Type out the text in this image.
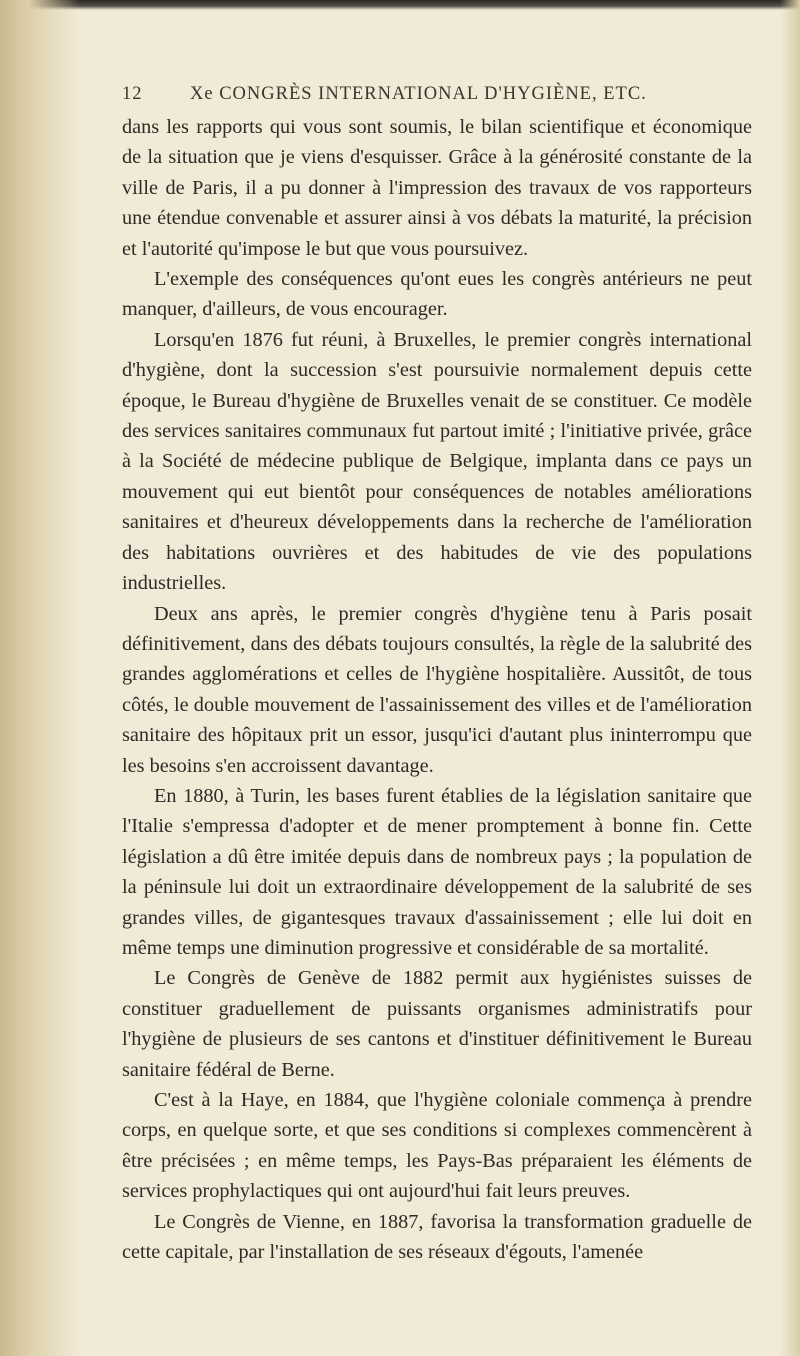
12	Xe CONGRÈS INTERNATIONAL D'HYGIÈNE, ETC.

dans les rapports qui vous sont soumis, le bilan scientifique et économique de la situation que je viens d'esquisser. Grâce à la générosité constante de la ville de Paris, il a pu donner à l'impression des travaux de vos rapporteurs une étendue convenable et assurer ainsi à vos débats la maturité, la précision et l'autorité qu'impose le but que vous poursuivez.

L'exemple des conséquences qu'ont eues les congrès antérieurs ne peut manquer, d'ailleurs, de vous encourager.

Lorsqu'en 1876 fut réuni, à Bruxelles, le premier congrès international d'hygiène, dont la succession s'est poursuivie normalement depuis cette époque, le Bureau d'hygiène de Bruxelles venait de se constituer. Ce modèle des services sanitaires communaux fut partout imité ; l'initiative privée, grâce à la Société de médecine publique de Belgique, implanta dans ce pays un mouvement qui eut bientôt pour conséquences de notables améliorations sanitaires et d'heureux développements dans la recherche de l'amélioration des habitations ouvrières et des habitudes de vie des populations industrielles.

Deux ans après, le premier congrès d'hygiène tenu à Paris posait définitivement, dans des débats toujours consultés, la règle de la salubrité des grandes agglomérations et celles de l'hygiène hospitalière. Aussitôt, de tous côtés, le double mouvement de l'assainissement des villes et de l'amélioration sanitaire des hôpitaux prit un essor, jusqu'ici d'autant plus ininterrompu que les besoins s'en accroissent davantage.

En 1880, à Turin, les bases furent établies de la législation sanitaire que l'Italie s'empressa d'adopter et de mener promptement à bonne fin. Cette législation a dû être imitée depuis dans de nombreux pays ; la population de la péninsule lui doit un extraordinaire développement de la salubrité de ses grandes villes, de gigantesques travaux d'assainissement ; elle lui doit en même temps une diminution progressive et considérable de sa mortalité.

Le Congrès de Genève de 1882 permit aux hygiénistes suisses de constituer graduellement de puissants organismes administratifs pour l'hygiène de plusieurs de ses cantons et d'instituer définitivement le Bureau sanitaire fédéral de Berne.

C'est à la Haye, en 1884, que l'hygiène coloniale commença à prendre corps, en quelque sorte, et que ses conditions si complexes commencèrent à être précisées ; en même temps, les Pays-Bas préparaient les éléments de services prophylactiques qui ont aujourd'hui fait leurs preuves.

Le Congrès de Vienne, en 1887, favorisa la transformation graduelle de cette capitale, par l'installation de ses réseaux d'égouts, l'amenée
